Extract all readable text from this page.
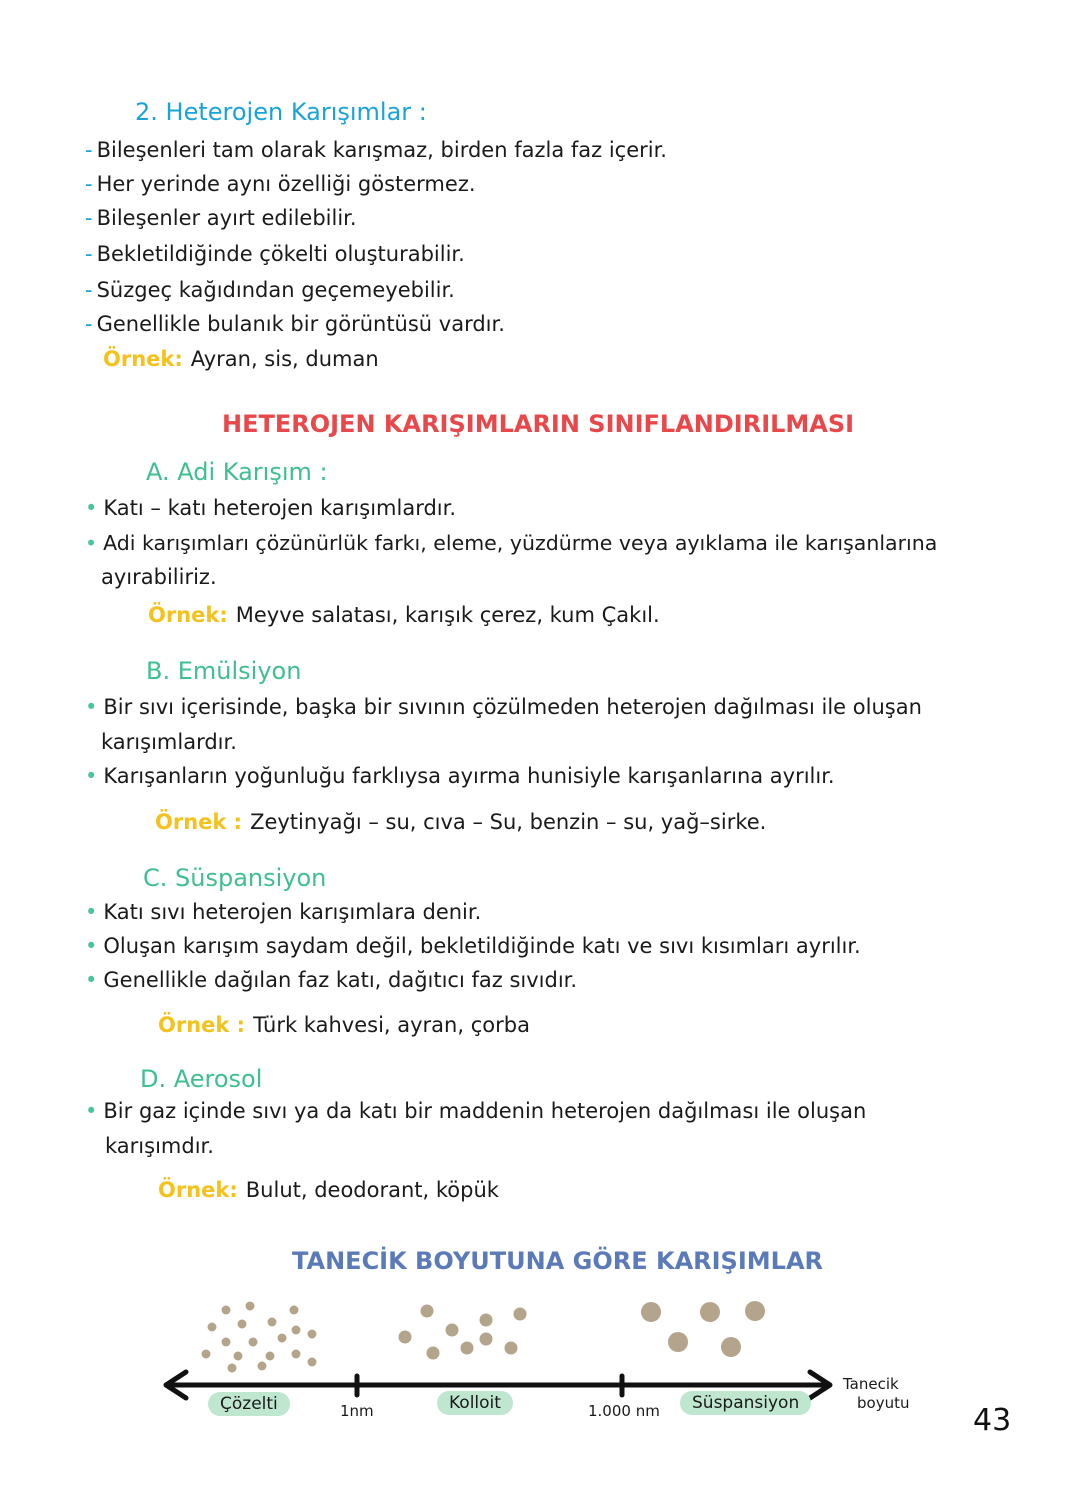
2. Heterojen Karışımlar :
- Bileşenleri tam olarak karışmaz, birden fazla faz içerir.
- Her yerinde aynı özelliği göstermez.
- Bileşenler ayırt edilebilir.
- Bekletildiğinde çökelti oluşturabilir.
- Süzgeç kağıdından geçemeyebilir.
- Genellikle bulanık bir görüntüsü vardır.
Örnek: Ayran, sis, duman
HETEROJEN KARIŞIMLARIN SINIFLANDIRILMASI
A. Adi Karışım :
• Katı – katı heterojen karışımlardır.
• Adi karışımları çözünürlük farkı, eleme, yüzdürme veya ayıklama ile karışanlarına
ayırabiliriz.
Örnek: Meyve salatası, karışık çerez, kum Çakıl.
B. Emülsiyon
• Bir sıvı içerisinde, başka bir sıvının çözülmeden heterojen dağılması ile oluşan
karışımlardır.
• Karışanların yoğunluğu farklıysa ayırma hunisiyle karışanlarına ayrılır.
Örnek : Zeytinyağı – su, cıva – Su, benzin – su, yağ–sirke.
C. Süspansiyon
• Katı sıvı heterojen karışımlara denir.
• Oluşan karışım saydam değil, bekletildiğinde katı ve sıvı kısımları ayrılır.
• Genellikle dağılan faz katı, dağıtıcı faz sıvıdır.
Örnek : Türk kahvesi, ayran, çorba
D. Aerosol
• Bir gaz içinde sıvı ya da katı bir maddenin heterojen dağılması ile oluşan
karışımdır.
Örnek: Bulut, deodorant, köpük
TANECİK BOYUTUNA GÖRE KARIŞIMLAR
Çözelti	1nm	Kolloit	1.000 nm	Süspansiyon
Tanecik
boyutu 43
